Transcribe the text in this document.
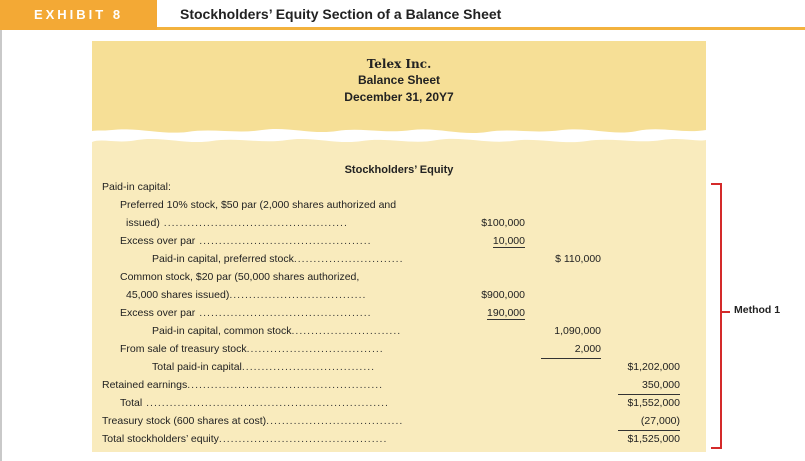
EXHIBIT 8	Stockholders’ Equity Section of a Balance Sheet
Telex Inc.
Balance Sheet
December 31, 20Y7
Stockholders’ Equity
Paid-in capital:
Preferred 10% stock, $50 par (2,000 shares authorized and
issued) ...............................................	$100,000
Excess over par ............................................	10,000
Paid-in capital, preferred stock............................	$ 110,000
Common stock, $20 par (50,000 shares authorized,
45,000 shares issued)...................................	$900,000
Excess over par ............................................	190,000
Paid-in capital, common stock............................	1,090,000
From sale of treasury stock...................................	2,000
Total paid-in capital..................................	$1,202,000
Retained earnings..................................................	350,000
Total ..............................................................	$1,552,000
Treasury stock (600 shares at cost)...................................	(27,000)
Total stockholders’ equity...........................................	$1,525,000
Method 1
